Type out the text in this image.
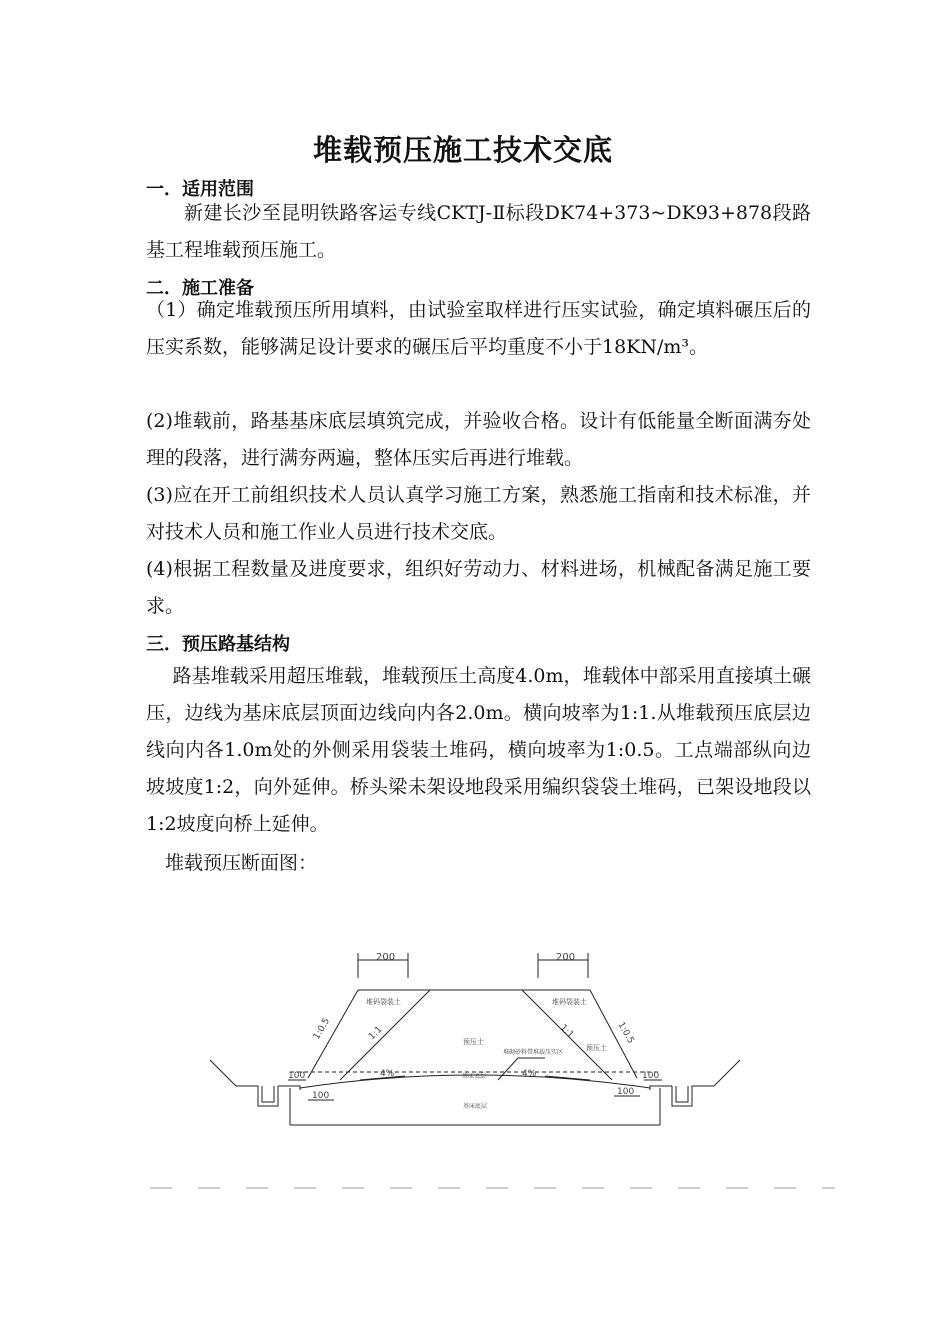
堆载预压施工技术交底
一．适用范围
新建长沙至昆明铁路客运专线CKTJ-Ⅱ标段DK74+373~DK93+878段路基工程堆载预压施工。
二．施工准备
（1）确定堆载预压所用填料，由试验室取样进行压实试验，确定填料碾压后的压实系数，能够满足设计要求的碾压后平均重度不小于18KN/m³。
(2)堆载前，路基基床底层填筑完成，并验收合格。设计有低能量全断面满夯处理的段落，进行满夯两遍，整体压实后再进行堆载。
(3)应在开工前组织技术人员认真学习施工方案，熟悉施工指南和技术标准，并对技术人员和施工作业人员进行技术交底。
(4)根据工程数量及进度要求，组织好劳动力、材料进场，机械配备满足施工要求。
三．预压路基结构
路基堆载采用超压堆载，堆载预压土高度4.0m，堆载体中部采用直接填土碾压，边线为基床底层顶面边线向内各2.0m。横向坡率为1:1.从堆载预压底层边线向内各1.0m处的外侧采用袋装土堆码，横向坡率为1:0.5。工点端部纵向边坡坡度1:2，向外延伸。桥头梁未架设地段采用编织袋袋土堆码，已架设地段以1:2坡度向桥上延伸。
堆载预压断面图：
200	200
堆码袋装土	堆码袋装土
1:0.5	1:1	1:1	1:0.5
预压土
预压土
堆砌砂料带堆载压实区
基床表层
基床底层
4%	4%
100
100
100
100
